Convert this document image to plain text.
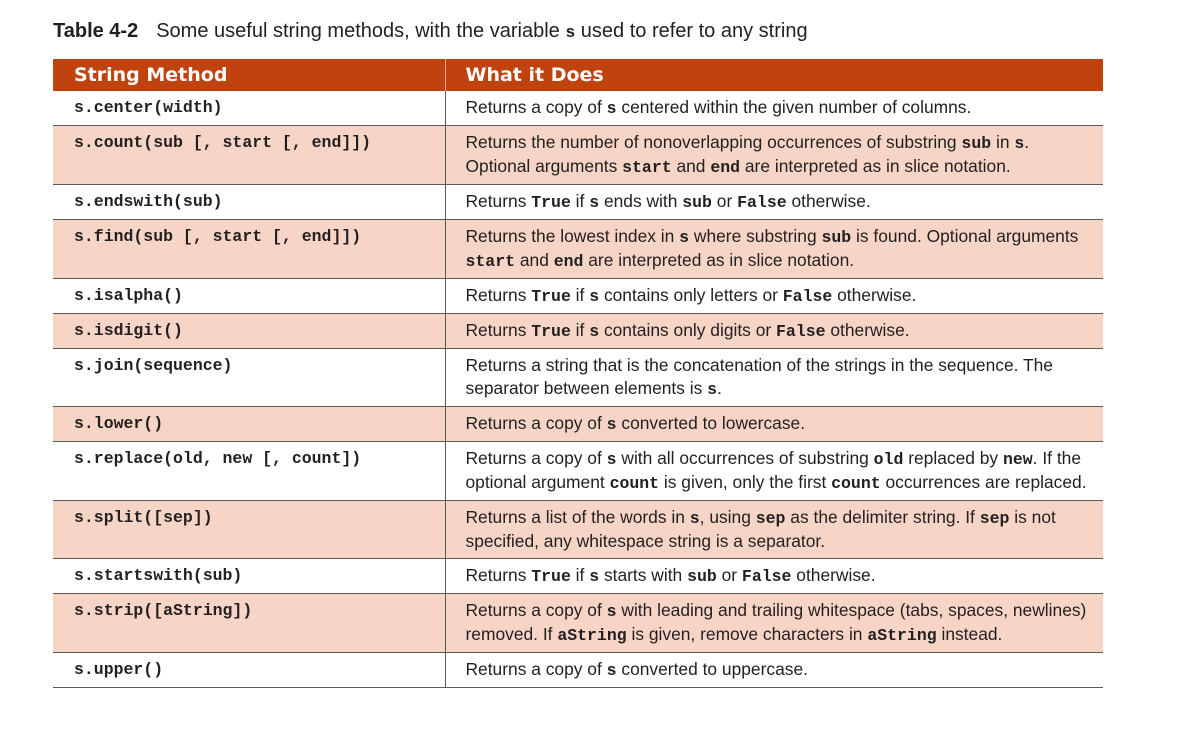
Table 4-2 Some useful string methods, with the variable s used to refer to any string
String Method	What it Does
s.center(width)	Returns a copy of s centered within the given number of columns.
s.count(sub [, start [, end]])	Returns the number of nonoverlapping occurrences of substring sub in s. Optional arguments start and end are interpreted as in slice notation.
s.endswith(sub)	Returns True if s ends with sub or False otherwise.
s.find(sub [, start [, end]])	Returns the lowest index in s where substring sub is found. Optional arguments start and end are interpreted as in slice notation.
s.isalpha()	Returns True if s contains only letters or False otherwise.
s.isdigit()	Returns True if s contains only digits or False otherwise.
s.join(sequence)	Returns a string that is the concatenation of the strings in the sequence. The separator between elements is s.
s.lower()	Returns a copy of s converted to lowercase.
s.replace(old, new [, count])	Returns a copy of s with all occurrences of substring old replaced by new. If the optional argument count is given, only the first count occurrences are replaced.
s.split([sep])	Returns a list of the words in s, using sep as the delimiter string. If sep is not specified, any whitespace string is a separator.
s.startswith(sub)	Returns True if s starts with sub or False otherwise.
s.strip([aString])	Returns a copy of s with leading and trailing whitespace (tabs, spaces, newlines) removed. If aString is given, remove characters in aString instead.
s.upper()	Returns a copy of s converted to uppercase.
